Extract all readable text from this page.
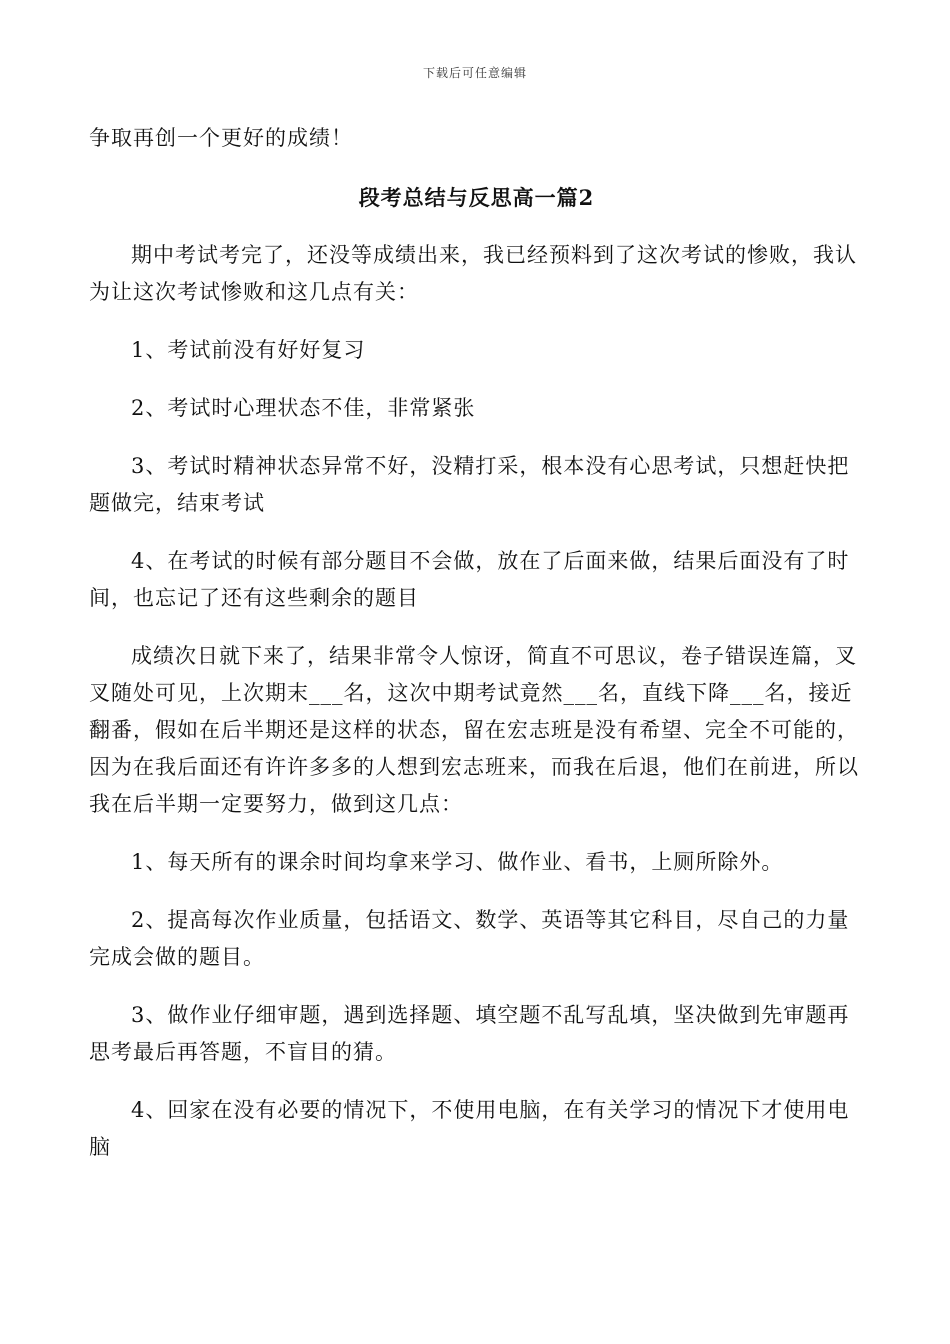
下载后可任意编辑

争取再创一个更好的成绩！

段考总结与反思高一篇2

期中考试考完了，还没等成绩出来，我已经预料到了这次考试的惨败，我认为让这次考试惨败和这几点有关：

1、考试前没有好好复习

2、考试时心理状态不佳，非常紧张

3、考试时精神状态异常不好，没精打采，根本没有心思考试，只想赶快把题做完，结束考试

4、在考试的时候有部分题目不会做，放在了后面来做，结果后面没有了时间，也忘记了还有这些剩余的题目

成绩次日就下来了，结果非常令人惊讶，简直不可思议，卷子错误连篇，叉叉随处可见，上次期末___名，这次中期考试竟然___名，直线下降___名，接近翻番，假如在后半期还是这样的状态，留在宏志班是没有希望、完全不可能的，因为在我后面还有许许多多的人想到宏志班来，而我在后退，他们在前进，所以我在后半期一定要努力，做到这几点：

1、每天所有的课余时间均拿来学习、做作业、看书，上厕所除外。

2、提高每次作业质量，包括语文、数学、英语等其它科目，尽自己的力量完成会做的题目。

3、做作业仔细审题，遇到选择题、填空题不乱写乱填，坚决做到先审题再思考最后再答题，不盲目的猜。

4、回家在没有必要的情况下，不使用电脑，在有关学习的情况下才使用电脑
